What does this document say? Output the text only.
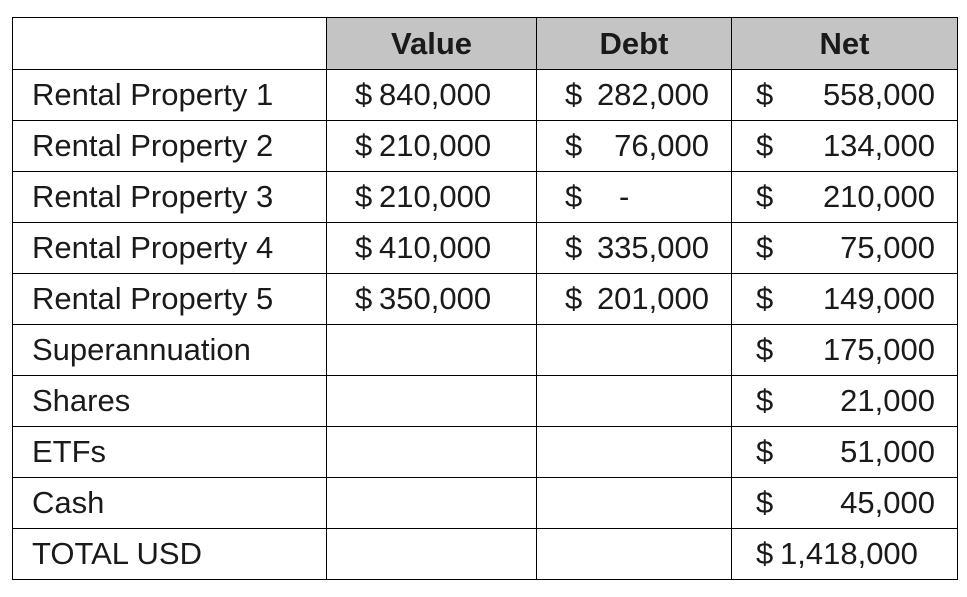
	Value	Debt	Net
Rental Property 1	$ 840,000	$ 282,000	$ 558,000

Rental Property 2	$ 210,000	$ 76,000	$ 134,000

Rental Property 3	$ 210,000	$ -	$ 210,000

Rental Property 4	$ 410,000	$ 335,000	$ 75,000

Rental Property 5	$ 350,000	$ 201,000	$ 149,000

Superannuation			$ 175,000

Shares			$ 21,000

ETFs			$ 51,000

Cash			$ 45,000

TOTAL USD			$ 1,418,000
